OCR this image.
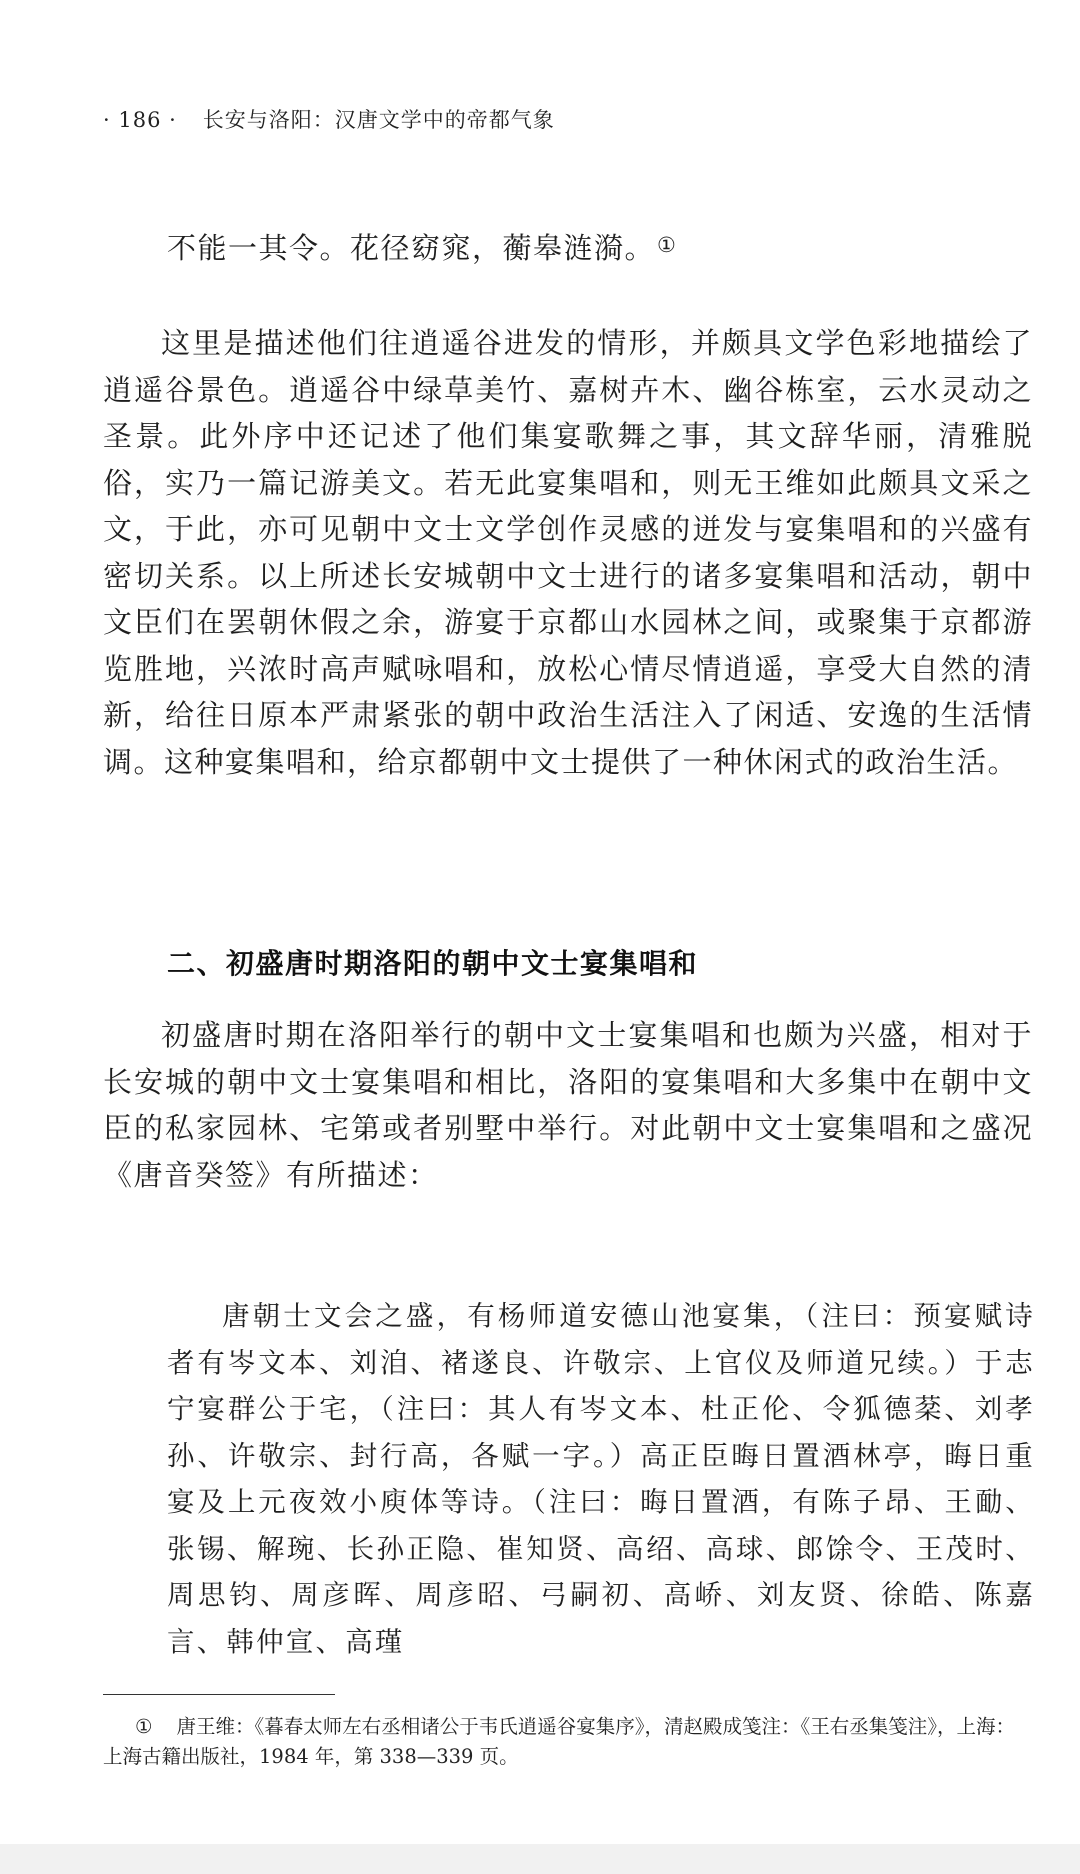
· 186 · 长安与洛阳：汉唐文学中的帝都气象

不能一其令。花径窈窕，蘅皋涟漪。①

这里是描述他们往逍遥谷进发的情形，并颇具文学色彩地描绘了逍遥谷景色。逍遥谷中绿草美竹、嘉树卉木、幽谷栋室，云水灵动之圣景。此外序中还记述了他们集宴歌舞之事，其文辞华丽，清雅脱俗，实乃一篇记游美文。若无此宴集唱和，则无王维如此颇具文采之文，于此，亦可见朝中文士文学创作灵感的迸发与宴集唱和的兴盛有密切关系。以上所述长安城朝中文士进行的诸多宴集唱和活动，朝中文臣们在罢朝休假之余，游宴于京都山水园林之间，或聚集于京都游览胜地，兴浓时高声赋咏唱和，放松心情尽情逍遥，享受大自然的清新，给往日原本严肃紧张的朝中政治生活注入了闲适、安逸的生活情调。这种宴集唱和，给京都朝中文士提供了一种休闲式的政治生活。

二、初盛唐时期洛阳的朝中文士宴集唱和

初盛唐时期在洛阳举行的朝中文士宴集唱和也颇为兴盛，相对于长安城的朝中文士宴集唱和相比，洛阳的宴集唱和大多集中在朝中文臣的私家园林、宅第或者别墅中举行。对此朝中文士宴集唱和之盛况《唐音癸签》有所描述：

唐朝士文会之盛，有杨师道安德山池宴集，（注曰：预宴赋诗者有岑文本、刘洎、褚遂良、许敬宗、上官仪及师道兄续。）于志宁宴群公于宅，（注曰：其人有岑文本、杜正伦、令狐德棻、刘孝孙、许敬宗、封行高，各赋一字。）高正臣晦日置酒林亭，晦日重宴及上元夜效小庾体等诗。（注曰：晦日置酒，有陈子昂、王勔、张锡、解琬、长孙正隐、崔知贤、高绍、高球、郎馀令、王茂时、周思钧、周彦晖、周彦昭、弓嗣初、高峤、刘友贤、徐皓、陈嘉言、韩仲宣、高瑾

① 唐王维：《暮春太师左右丞相诸公于韦氏逍遥谷宴集序》，清赵殿成笺注：《王右丞集笺注》，上海：上海古籍出版社，1984 年，第 338—339 页。
